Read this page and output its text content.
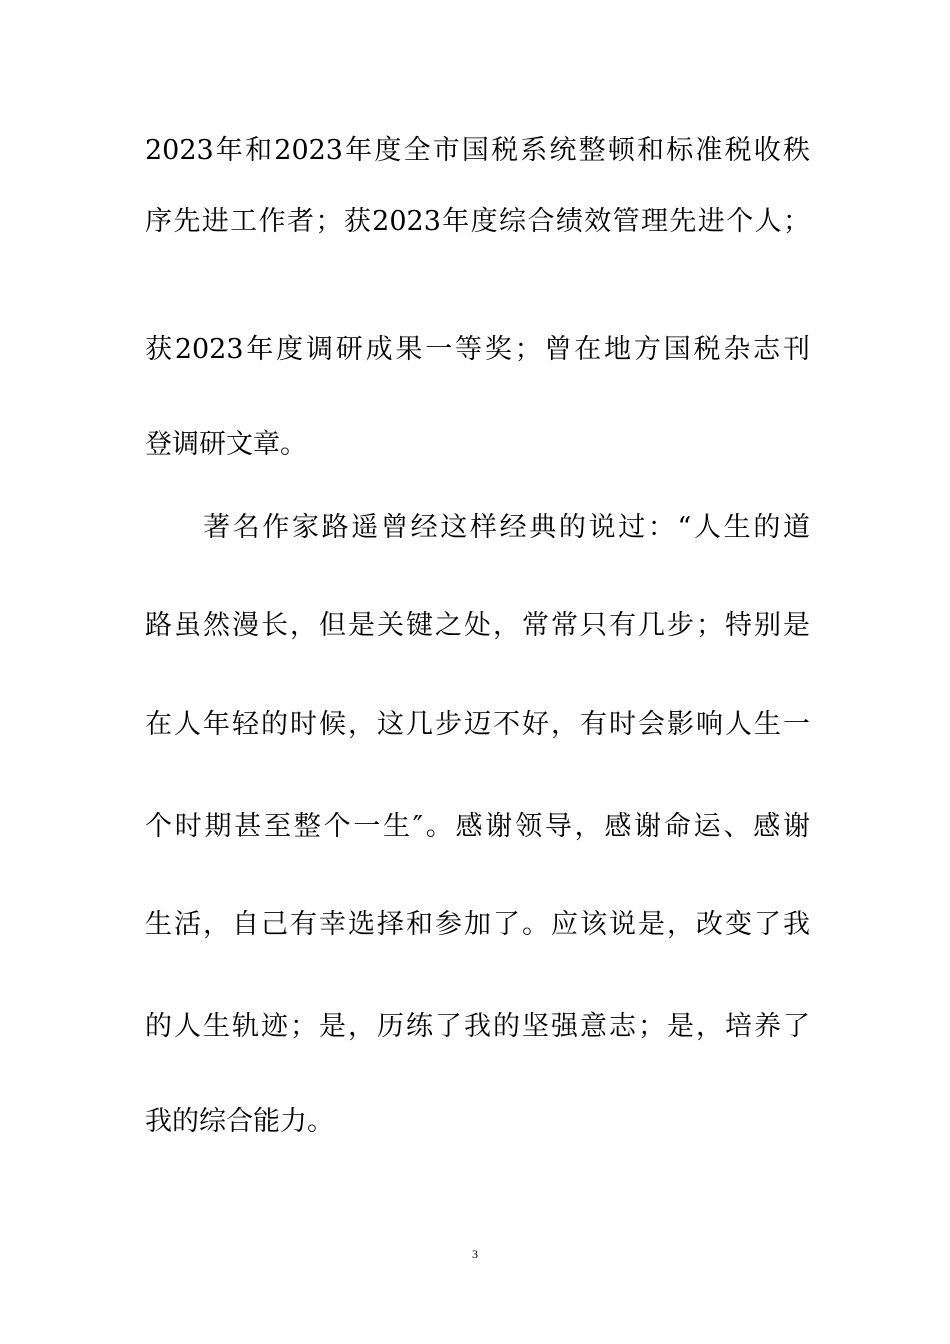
2023年和2023年度全市国税系统整顿和标准税收秩
序先进工作者；获2023年度综合绩效管理先进个人；
获2023年度调研成果一等奖；曾在地方国税杂志刊
登调研文章。
著名作家路遥曾经这样经典的说过：“人生的道
路虽然漫长，但是关键之处，常常只有几步；特别是
在人年轻的时候，这几步迈不好，有时会影响人生一
个时期甚至整个一生″。感谢领导，感谢命运、感谢
生活，自己有幸选择和参加了。应该说是，改变了我
的人生轨迹；是，历练了我的坚强意志；是，培养了
我的综合能力。
3
